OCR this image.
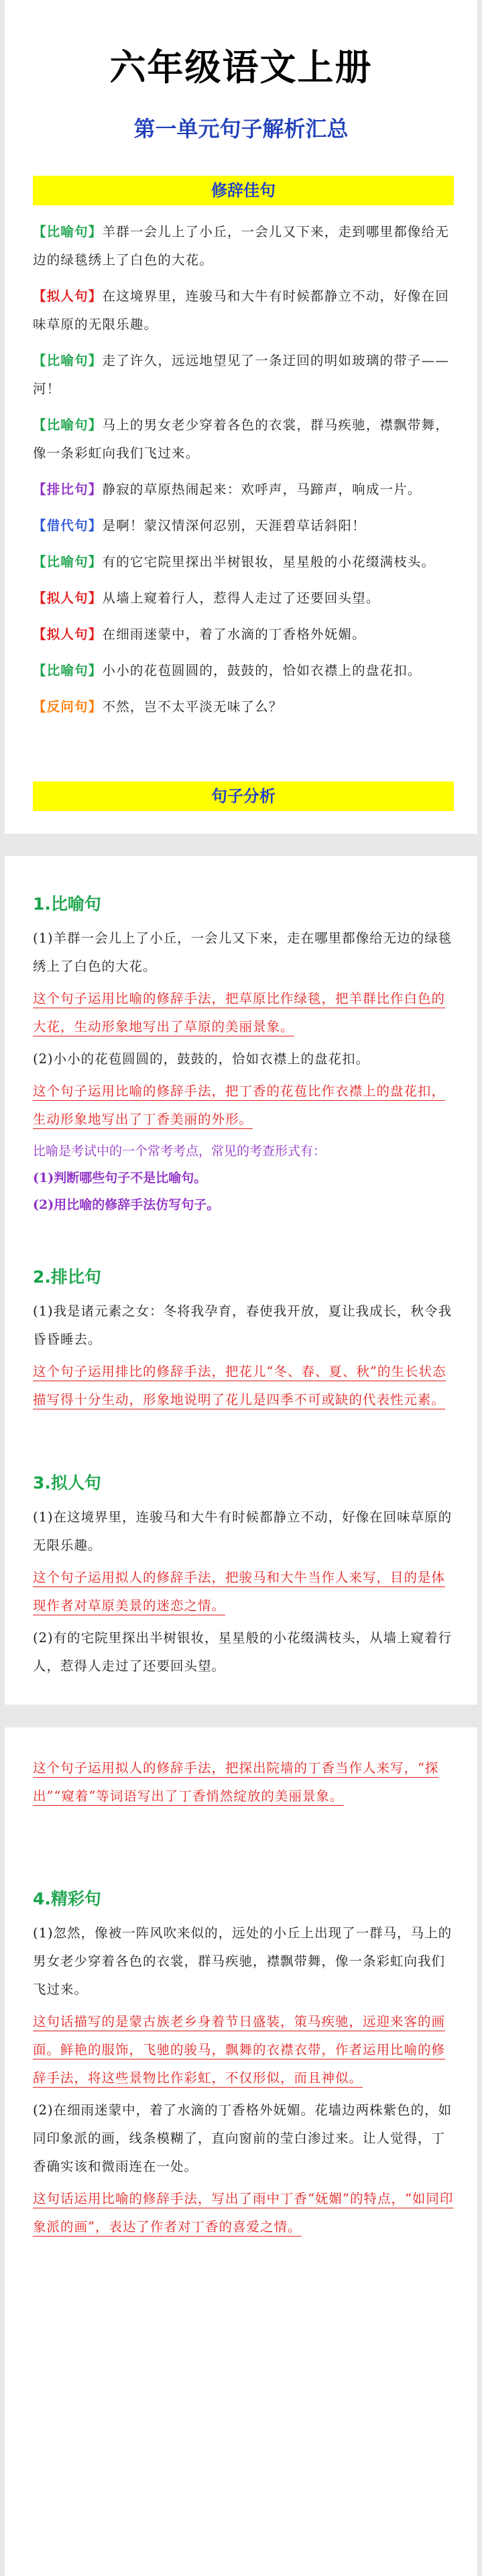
六年级语文上册
第一单元句子解析汇总
修辞佳句
【比喻句】羊群一会儿上了小丘，一会儿又下来，走到哪里都像给无边的绿毯绣上了白色的大花。
【拟人句】在这境界里，连骏马和大牛有时候都静立不动，好像在回味草原的无限乐趣。
【比喻句】走了许久，远远地望见了一条迂回的明如玻璃的带子——河！
【比喻句】马上的男女老少穿着各色的衣裳，群马疾驰，襟飘带舞，像一条彩虹向我们飞过来。
【排比句】静寂的草原热闹起来：欢呼声，马蹄声，响成一片。
【借代句】是啊！蒙汉情深何忍别，天涯碧草话斜阳！
【比喻句】有的它宅院里探出半树银妆，星星般的小花缀满枝头。
【拟人句】从墙上窥着行人，惹得人走过了还要回头望。
【拟人句】在细雨迷蒙中，着了水滴的丁香格外妩媚。
【比喻句】小小的花苞圆圆的，鼓鼓的，恰如衣襟上的盘花扣。
【反问句】不然，岂不太平淡无味了么？
句子分析
1.比喻句
(1)羊群一会儿上了小丘，一会儿又下来，走在哪里都像给无边的绿毯绣上了白色的大花。
这个句子运用比喻的修辞手法，把草原比作绿毯，把羊群比作白色的大花，生动形象地写出了草原的美丽景象。
(2)小小的花苞圆圆的，鼓鼓的，恰如衣襟上的盘花扣。
这个句子运用比喻的修辞手法，把丁香的花苞比作衣襟上的盘花扣，生动形象地写出了丁香美丽的外形。
比喻是考试中的一个常考考点，常见的考查形式有：
(1)判断哪些句子不是比喻句。
(2)用比喻的修辞手法仿写句子。
2.排比句
(1)我是诸元素之女：冬将我孕育，春使我开放，夏让我成长，秋令我昏昏睡去。
这个句子运用排比的修辞手法，把花儿“冬、春、夏、秋”的生长状态描写得十分生动，形象地说明了花儿是四季不可或缺的代表性元素。
3.拟人句
(1)在这境界里，连骏马和大牛有时候都静立不动，好像在回味草原的无限乐趣。
这个句子运用拟人的修辞手法，把骏马和大牛当作人来写，目的是体现作者对草原美景的迷恋之情。
(2)有的宅院里探出半树银妆，星星般的小花缀满枝头，从墙上窥着行人，惹得人走过了还要回头望。
这个句子运用拟人的修辞手法，把探出院墙的丁香当作人来写，“探出”“窥着”等词语写出了丁香悄然绽放的美丽景象。
4.精彩句
(1)忽然，像被一阵风吹来似的，远处的小丘上出现了一群马，马上的男女老少穿着各色的衣裳，群马疾驰，襟飘带舞，像一条彩虹向我们飞过来。
这句话描写的是蒙古族老乡身着节日盛装，策马疾驰，远迎来客的画面。鲜艳的服饰，飞驰的骏马，飘舞的衣襟衣带，作者运用比喻的修辞手法，将这些景物比作彩虹，不仅形似，而且神似。
(2)在细雨迷蒙中，着了水滴的丁香格外妩媚。花墙边两株紫色的，如同印象派的画，线条模糊了，直向窗前的莹白渗过来。让人觉得，丁香确实该和微雨连在一处。
这句话运用比喻的修辞手法，写出了雨中丁香“妩媚”的特点，“如同印象派的画”，表达了作者对丁香的喜爱之情。
